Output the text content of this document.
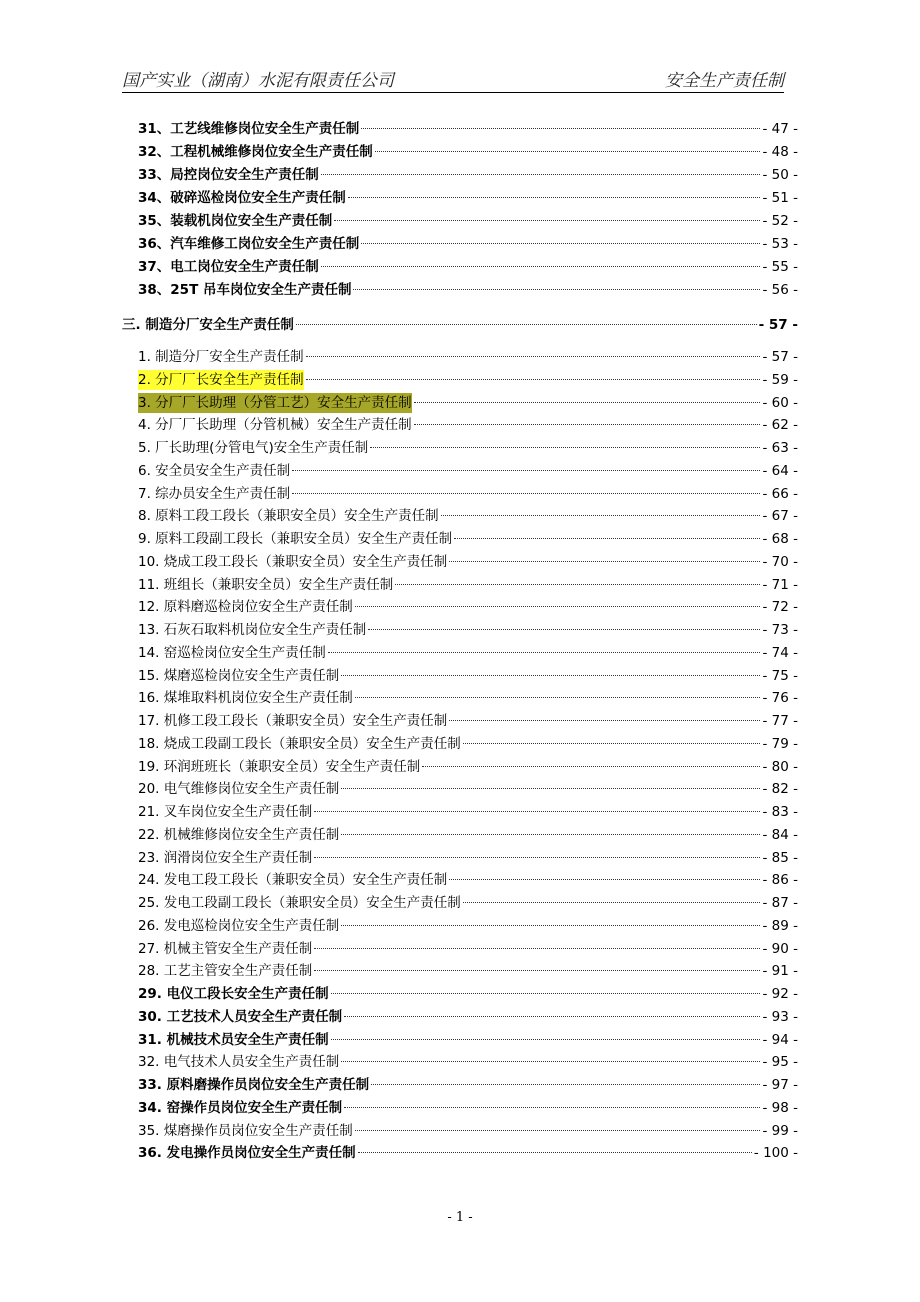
国产实业（湖南）水泥有限责任公司	安全生产责任制
31、工艺线维修岗位安全生产责任制	- 47 -
32、工程机械维修岗位安全生产责任制	- 48 -
33、局控岗位安全生产责任制	- 50 -
34、破碎巡检岗位安全生产责任制	- 51 -
35、装载机岗位安全生产责任制	- 52 -
36、汽车维修工岗位安全生产责任制	- 53 -
37、电工岗位安全生产责任制	- 55 -
38、25T 吊车岗位安全生产责任制	- 56 -
三. 制造分厂安全生产责任制	- 57 -
1. 制造分厂安全生产责任制	- 57 -
2. 分厂厂长安全生产责任制	- 59 -
3. 分厂厂长助理（分管工艺）安全生产责任制	- 60 -
4. 分厂厂长助理（分管机械）安全生产责任制	- 62 -
5. 厂长助理(分管电气)安全生产责任制	- 63 -
6. 安全员安全生产责任制	- 64 -
7. 综办员安全生产责任制	- 66 -
8. 原料工段工段长（兼职安全员）安全生产责任制	- 67 -
9. 原料工段副工段长（兼职安全员）安全生产责任制	- 68 -
10. 烧成工段工段长（兼职安全员）安全生产责任制	- 70 -
11. 班组长（兼职安全员）安全生产责任制	- 71 -
12. 原料磨巡检岗位安全生产责任制	- 72 -
13. 石灰石取料机岗位安全生产责任制	- 73 -
14. 窑巡检岗位安全生产责任制	- 74 -
15. 煤磨巡检岗位安全生产责任制	- 75 -
16. 煤堆取料机岗位安全生产责任制	- 76 -
17. 机修工段工段长（兼职安全员）安全生产责任制	- 77 -
18. 烧成工段副工段长（兼职安全员）安全生产责任制	- 79 -
19. 环润班班长（兼职安全员）安全生产责任制	- 80 -
20. 电气维修岗位安全生产责任制	- 82 -
21. 叉车岗位安全生产责任制	- 83 -
22. 机械维修岗位安全生产责任制	- 84 -
23. 润滑岗位安全生产责任制	- 85 -
24. 发电工段工段长（兼职安全员）安全生产责任制	- 86 -
25. 发电工段副工段长（兼职安全员）安全生产责任制	- 87 -
26. 发电巡检岗位安全生产责任制	- 89 -
27. 机械主管安全生产责任制	- 90 -
28. 工艺主管安全生产责任制	- 91 -
29. 电仪工段长安全生产责任制	- 92 -
30. 工艺技术人员安全生产责任制	- 93 -
31. 机械技术员安全生产责任制	- 94 -
32. 电气技术人员安全生产责任制	- 95 -
33. 原料磨操作员岗位安全生产责任制	- 97 -
34. 窑操作员岗位安全生产责任制	- 98 -
35. 煤磨操作员岗位安全生产责任制	- 99 -
36. 发电操作员岗位安全生产责任制	- 100 -
- 1 -
